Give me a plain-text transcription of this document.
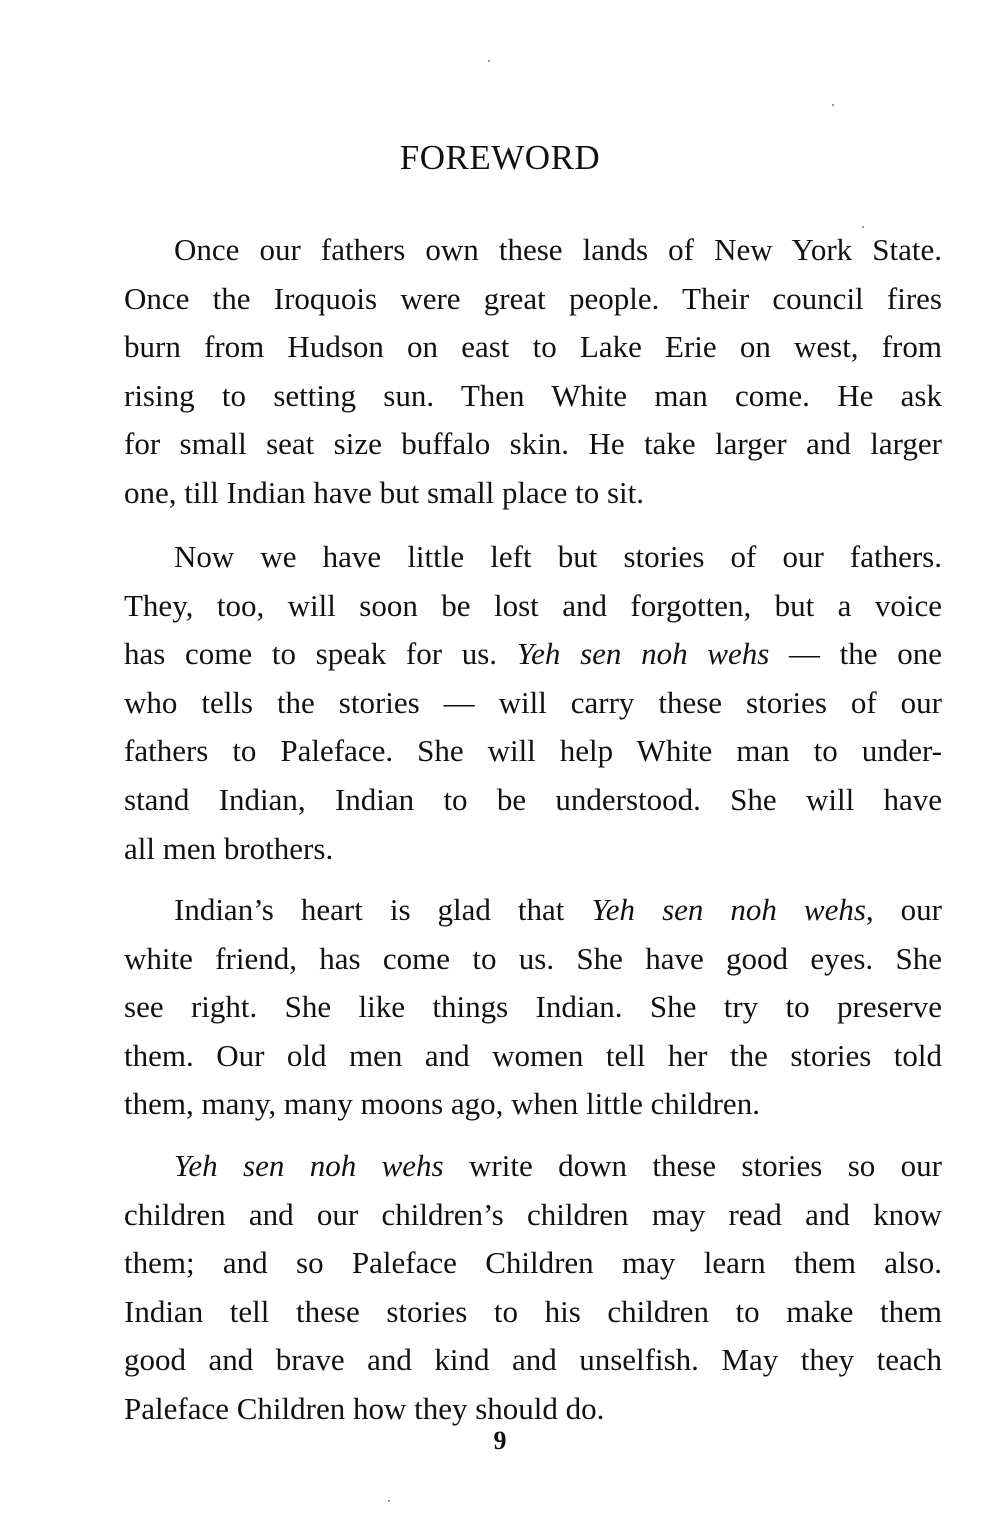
FOREWORD
Once our fathers own these lands of New York State.
Once the Iroquois were great people. Their council fires
burn from Hudson on east to Lake Erie on west, from
rising to setting sun. Then White man come. He ask
for small seat size buffalo skin. He take larger and larger
one, till Indian have but small place to sit.
Now we have little left but stories of our fathers.
They, too, will soon be lost and forgotten, but a voice
has come to speak for us. Yeh sen noh wehs — the one
who tells the stories — will carry these stories of our
fathers to Paleface. She will help White man to under-
stand Indian, Indian to be understood. She will have
all men brothers.
Indian’s heart is glad that Yeh sen noh wehs, our
white friend, has come to us. She have good eyes. She
see right. She like things Indian. She try to preserve
them. Our old men and women tell her the stories told
them, many, many moons ago, when little children.
Yeh sen noh wehs write down these stories so our
children and our children’s children may read and know
them; and so Paleface Children may learn them also.
Indian tell these stories to his children to make them
good and brave and kind and unselfish. May they teach
Paleface Children how they should do.
9
